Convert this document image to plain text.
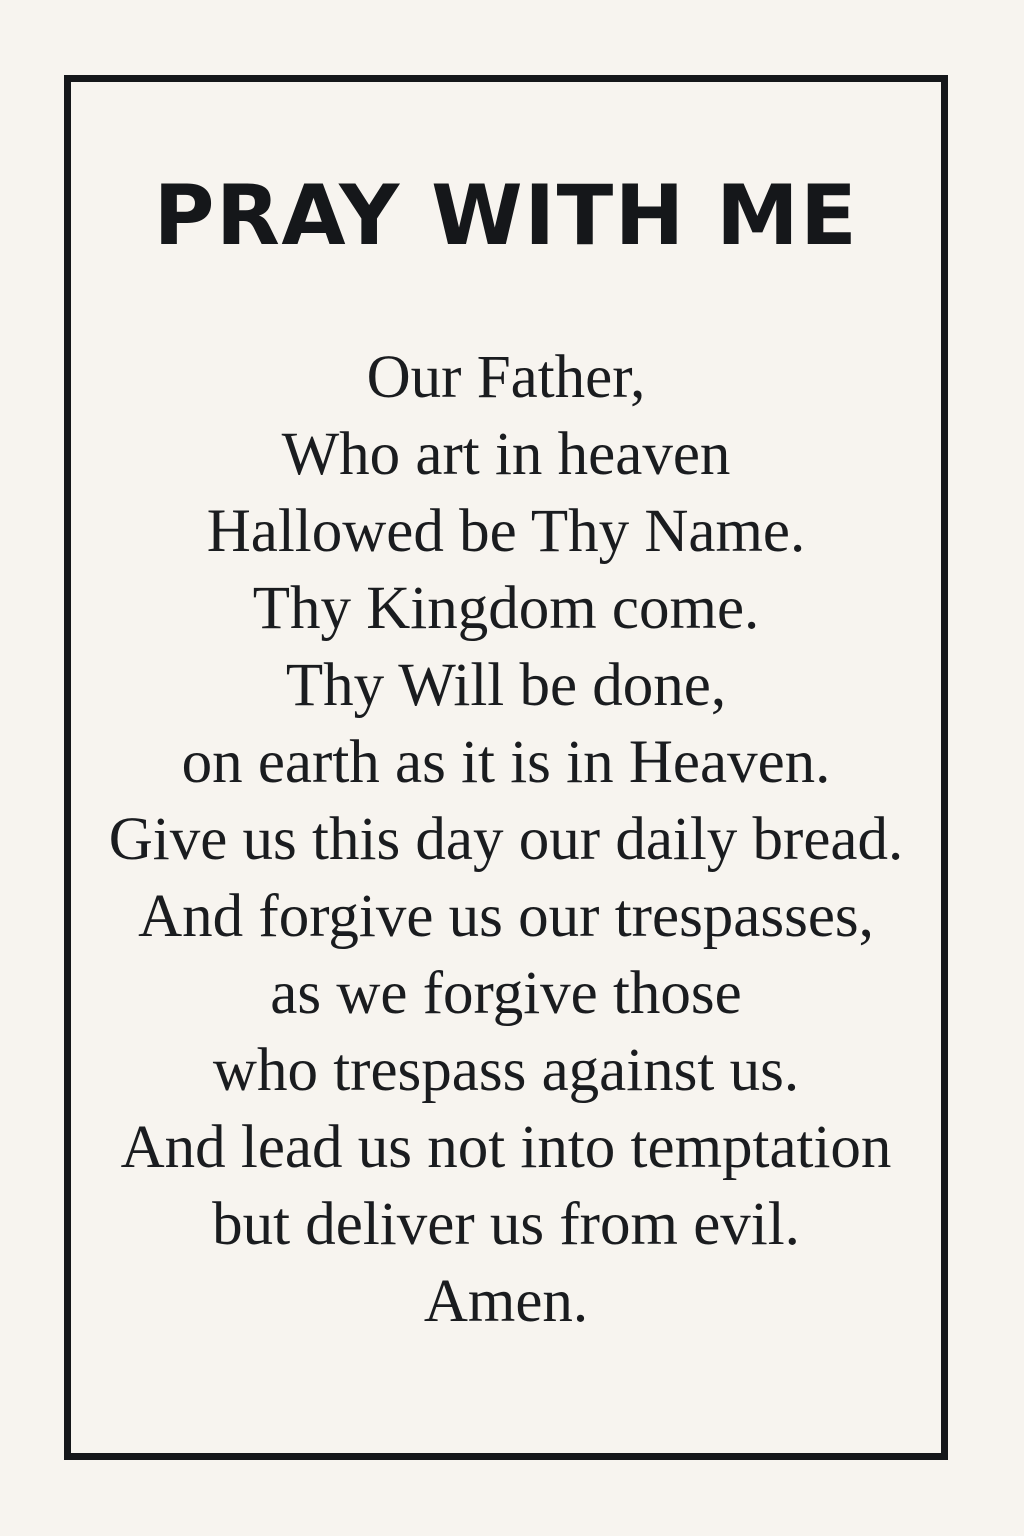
PRAY WITH ME
Our Father,
Who art in heaven
Hallowed be Thy Name.
Thy Kingdom come.
Thy Will be done,
on earth as it is in Heaven.
Give us this day our daily bread.
And forgive us our trespasses,
as we forgive those
who trespass against us.
And lead us not into temptation
but deliver us from evil.
Amen.
